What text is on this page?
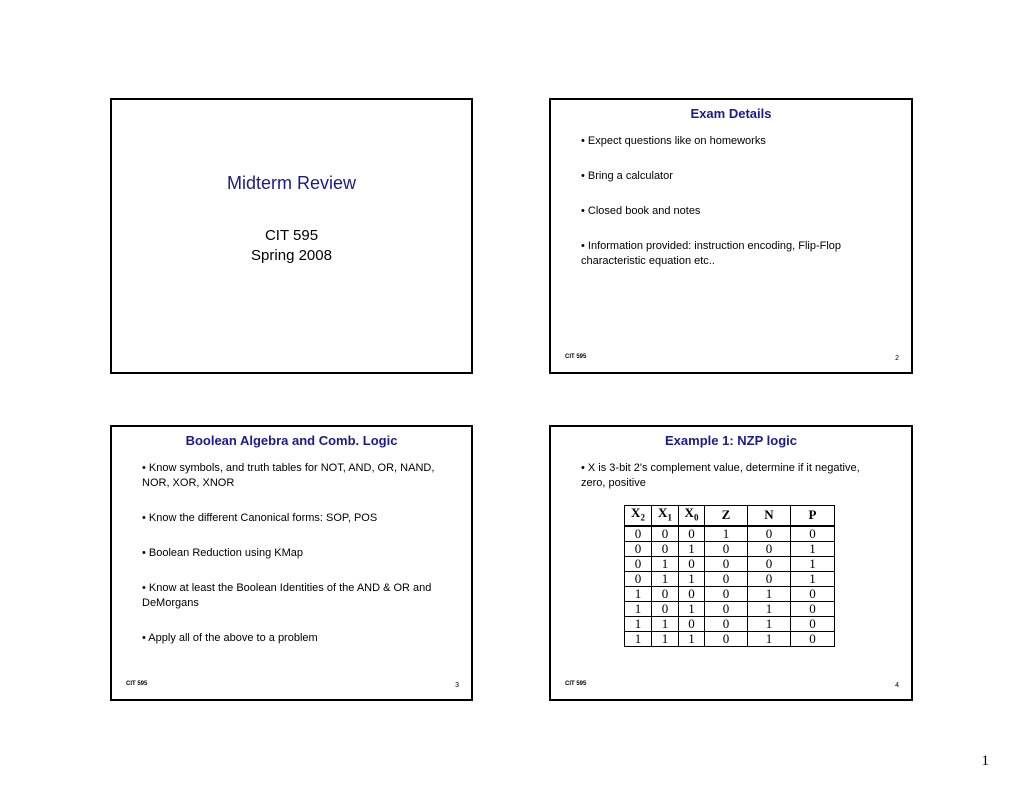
Midterm Review
CIT 595
Spring 2008
Exam Details
• Expect questions like on homeworks
• Bring a calculator
• Closed book and notes
• Information provided: instruction encoding, Flip-Flop characteristic equation etc..
CIT 595	2
Boolean Algebra and Comb. Logic
• Know symbols, and truth tables for NOT, AND, OR, NAND, NOR, XOR, XNOR
• Know the different Canonical forms: SOP, POS
• Boolean Reduction using KMap
• Know at least the Boolean Identities of the AND & OR and DeMorgans
• Apply all of the above to a problem
CIT 595	3
Example 1: NZP logic
• X is 3-bit 2's complement value, determine if it negative, zero, positive
$X_2$	$X_1$	$X_0$	Z	N	P
0	0	0	1	0	0
0	0	1	0	0	1
0	1	0	0	0	1
0	1	1	0	0	1
1	0	0	0	1	0
1	0	1	0	1	0
1	1	0	0	1	0
1	1	1	0	1	0
CIT 595	4
1
